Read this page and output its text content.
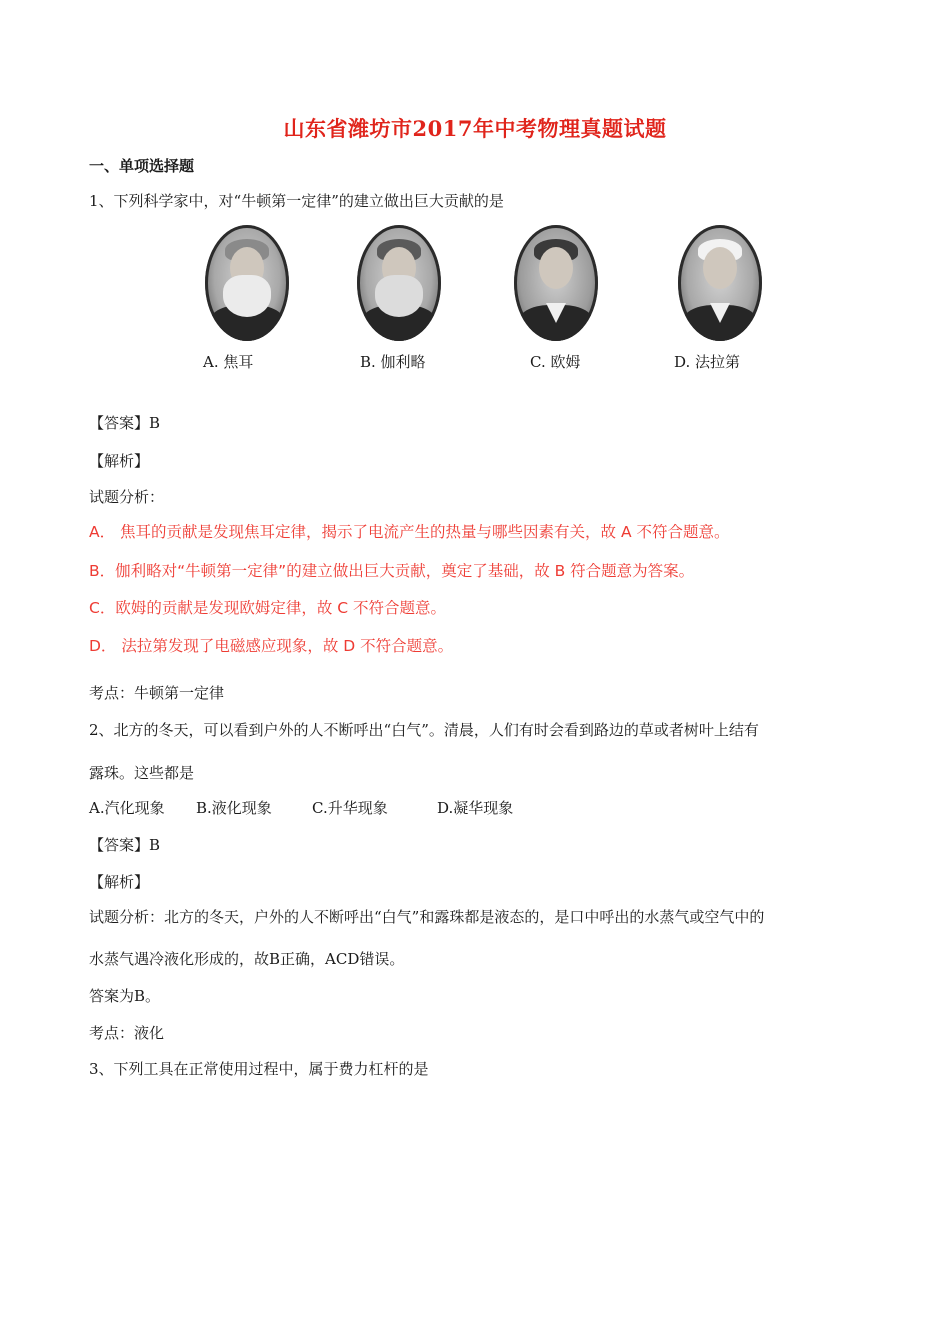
山东省潍坊市2017年中考物理真题试题
一、单项选择题
1、下列科学家中，对“牛顿第一定律”的建立做出巨大贡献的是
A. 焦耳	B. 伽利略	C. 欧姆	D. 法拉第
【答案】B
【解析】
试题分析：
A． 焦耳的贡献是发现焦耳定律，揭示了电流产生的热量与哪些因素有关，故 A 不符合题意。
B．伽利略对“牛顿第一定律”的建立做出巨大贡献，奠定了基础，故 B 符合题意为答案。
C．欧姆的贡献是发现欧姆定律，故 C 不符合题意。
D． 法拉第发现了电磁感应现象，故 D 不符合题意。
考点：牛顿第一定律
2、北方的冬天，可以看到户外的人不断呼出“白气”。清晨，人们有时会看到路边的草或者树叶上结有
露珠。这些都是
A.汽化现象 B.液化现象	C.升华现象	D.凝华现象
【答案】B
【解析】
试题分析：北方的冬天，户外的人不断呼出“白气”和露珠都是液态的，是口中呼出的水蒸气或空气中的
水蒸气遇冷液化形成的，故B正确，ACD错误。
答案为B。
考点：液化
3、下列工具在正常使用过程中，属于费力杠杆的是
